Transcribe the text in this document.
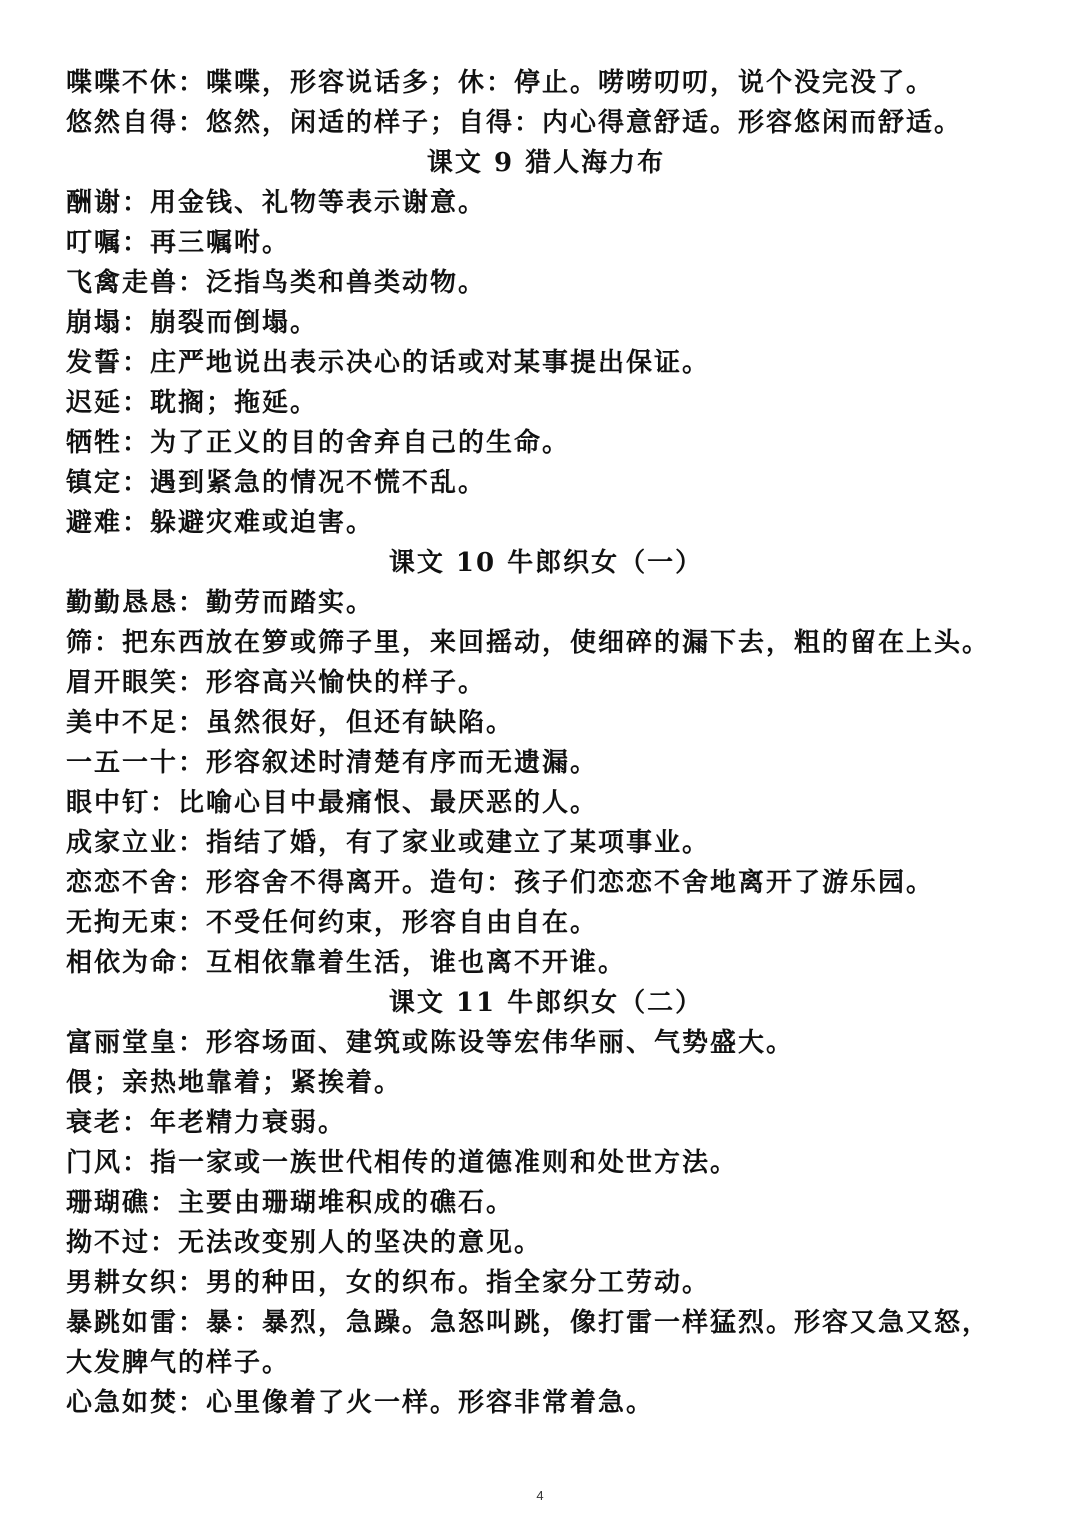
喋喋不休：喋喋，形容说话多；休：停止。唠唠叨叨，说个没完没了。
悠然自得：悠然，闲适的样子；自得：内心得意舒适。形容悠闲而舒适。
课文 9 猎人海力布
酬谢：用金钱、礼物等表示谢意。
叮嘱：再三嘱咐。
飞禽走兽：泛指鸟类和兽类动物。
崩塌：崩裂而倒塌。
发誓：庄严地说出表示决心的话或对某事提出保证。
迟延：耽搁；拖延。
牺牲：为了正义的目的舍弃自己的生命。
镇定：遇到紧急的情况不慌不乱。
避难：躲避灾难或迫害。
课文 10 牛郎织女（一）
勤勤恳恳：勤劳而踏实。
筛：把东西放在箩或筛子里，来回摇动，使细碎的漏下去，粗的留在上头。
眉开眼笑：形容高兴愉快的样子。
美中不足：虽然很好，但还有缺陷。
一五一十：形容叙述时清楚有序而无遗漏。
眼中钉：比喻心目中最痛恨、最厌恶的人。
成家立业：指结了婚，有了家业或建立了某项事业。
恋恋不舍：形容舍不得离开。造句：孩子们恋恋不舍地离开了游乐园。
无拘无束：不受任何约束，形容自由自在。
相依为命：互相依靠着生活，谁也离不开谁。
课文 11 牛郎织女（二）
富丽堂皇：形容场面、建筑或陈设等宏伟华丽、气势盛大。
偎；亲热地靠着；紧挨着。
衰老：年老精力衰弱。
门风：指一家或一族世代相传的道德准则和处世方法。
珊瑚礁：主要由珊瑚堆积成的礁石。
拗不过：无法改变别人的坚决的意见。
男耕女织：男的种田，女的织布。指全家分工劳动。
暴跳如雷：暴：暴烈，急躁。急怒叫跳，像打雷一样猛烈。形容又急又怒，
大发脾气的样子。
心急如焚：心里像着了火一样。形容非常着急。
4
